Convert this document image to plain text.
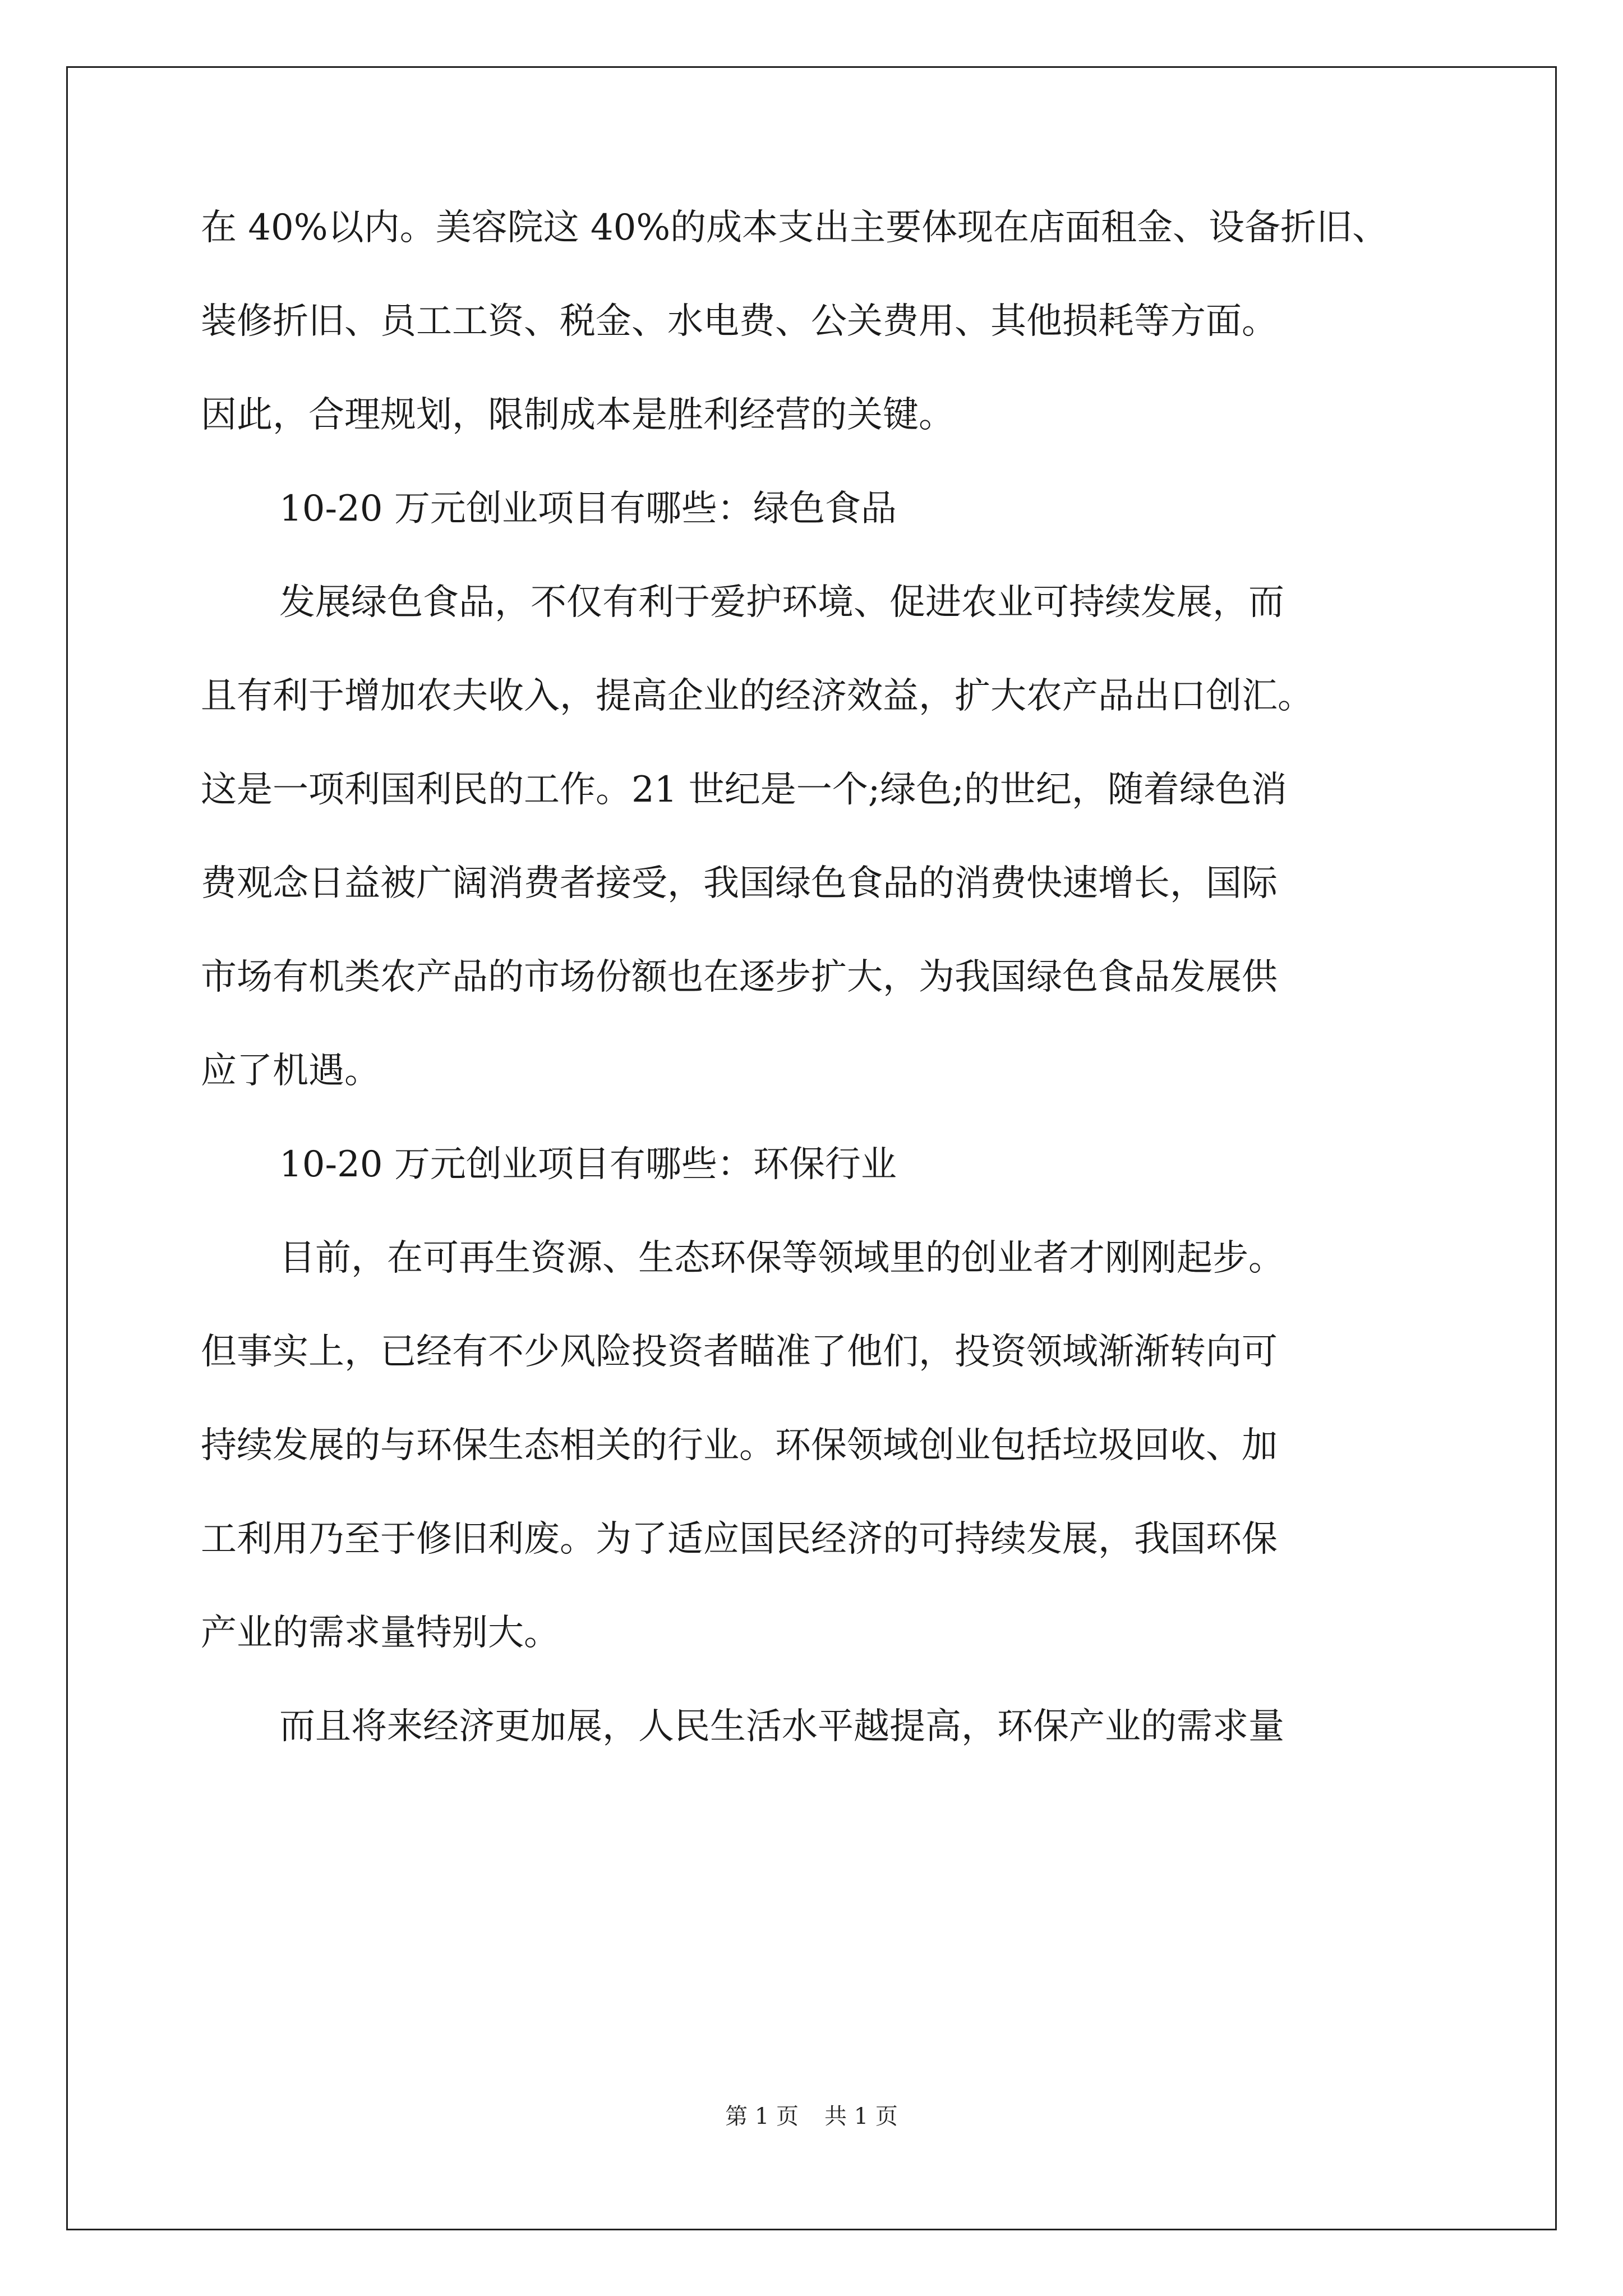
在 40%以内。美容院这 40%的成本支出主要体现在店面租金、设备折旧、
装修折旧、员工工资、税金、水电费、公关费用、其他损耗等方面。
因此，合理规划，限制成本是胜利经营的关键。
10-20 万元创业项目有哪些：绿色食品
发展绿色食品，不仅有利于爱护环境、促进农业可持续发展，而
且有利于增加农夫收入，提高企业的经济效益，扩大农产品出口创汇。
这是一项利国利民的工作。21 世纪是一个;绿色;的世纪，随着绿色消
费观念日益被广阔消费者接受，我国绿色食品的消费快速增长，国际
市场有机类农产品的市场份额也在逐步扩大，为我国绿色食品发展供
应了机遇。
10-20 万元创业项目有哪些：环保行业
目前，在可再生资源、生态环保等领域里的创业者才刚刚起步。
但事实上，已经有不少风险投资者瞄准了他们，投资领域渐渐转向可
持续发展的与环保生态相关的行业。环保领域创业包括垃圾回收、加
工利用乃至于修旧利废。为了适应国民经济的可持续发展，我国环保
产业的需求量特别大。
而且将来经济更加展，人民生活水平越提高，环保产业的需求量
第 1 页 共 1 页
